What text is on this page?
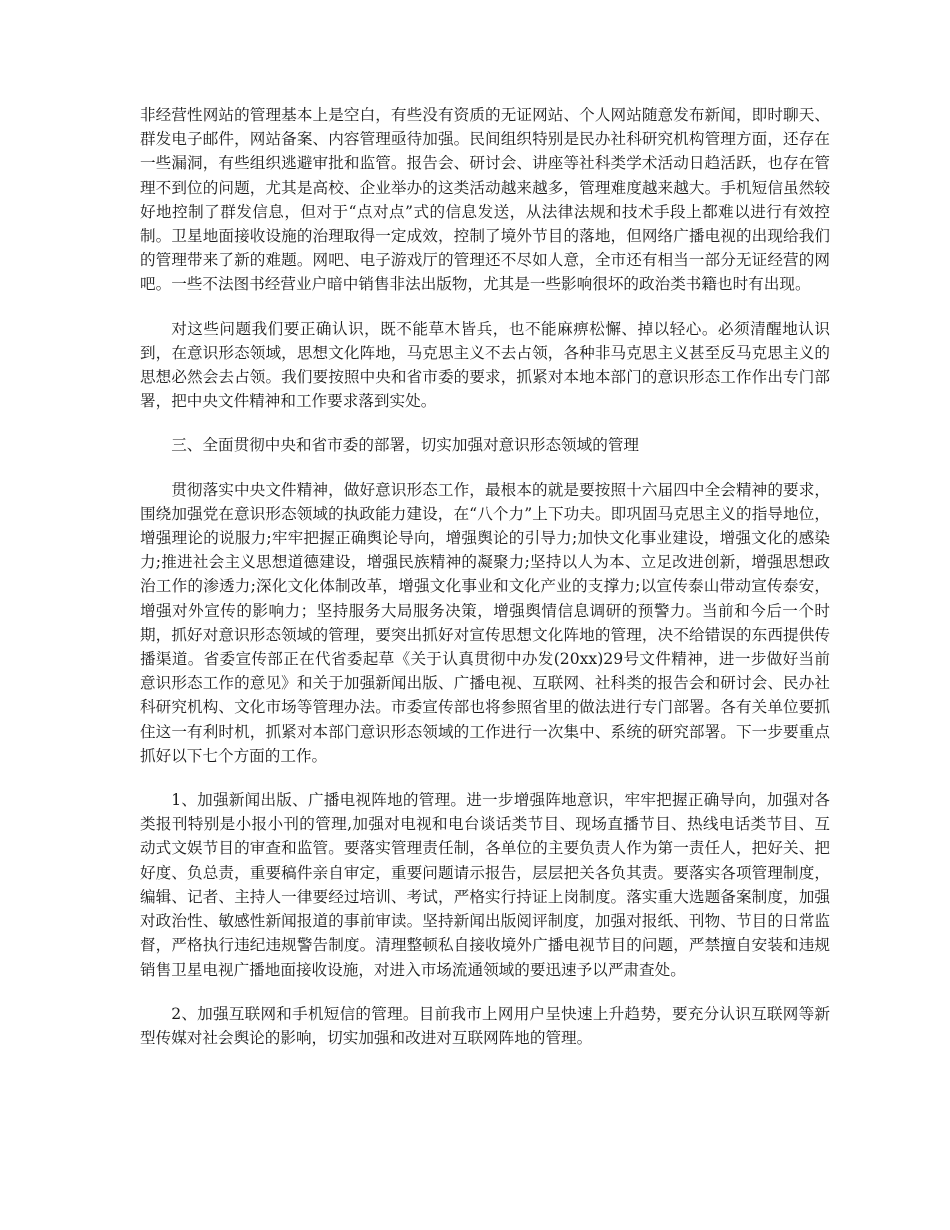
非经营性网站的管理基本上是空白，有些没有资质的无证网站、个人网站随意发布新闻，即时聊天、群发电子邮件，网站备案、内容管理亟待加强。民间组织特别是民办社科研究机构管理方面，还存在一些漏洞，有些组织逃避审批和监管。报告会、研讨会、讲座等社科类学术活动日趋活跃，也存在管理不到位的问题，尤其是高校、企业举办的这类活动越来越多，管理难度越来越大。手机短信虽然较好地控制了群发信息，但对于“点对点”式的信息发送，从法律法规和技术手段上都难以进行有效控制。卫星地面接收设施的治理取得一定成效，控制了境外节目的落地，但网络广播电视的出现给我们的管理带来了新的难题。网吧、电子游戏厅的管理还不尽如人意，全市还有相当一部分无证经营的网吧。一些不法图书经营业户暗中销售非法出版物，尤其是一些影响很坏的政治类书籍也时有出现。

对这些问题我们要正确认识，既不能草木皆兵，也不能麻痹松懈、掉以轻心。必须清醒地认识到，在意识形态领域，思想文化阵地，马克思主义不去占领，各种非马克思主义甚至反马克思主义的思想必然会去占领。我们要按照中央和省市委的要求，抓紧对本地本部门的意识形态工作作出专门部署，把中央文件精神和工作要求落到实处。

三、全面贯彻中央和省市委的部署，切实加强对意识形态领域的管理

贯彻落实中央文件精神，做好意识形态工作，最根本的就是要按照十六届四中全会精神的要求，围绕加强党在意识形态领域的执政能力建设，在“八个力”上下功夫。即巩固马克思主义的指导地位，增强理论的说服力;牢牢把握正确舆论导向，增强舆论的引导力;加快文化事业建设，增强文化的感染力;推进社会主义思想道德建设，增强民族精神的凝聚力;坚持以人为本、立足改进创新，增强思想政治工作的渗透力;深化文化体制改革，增强文化事业和文化产业的支撑力;以宣传泰山带动宣传泰安，增强对外宣传的影响力；坚持服务大局服务决策，增强舆情信息调研的预警力。当前和今后一个时期，抓好对意识形态领域的管理，要突出抓好对宣传思想文化阵地的管理，决不给错误的东西提供传播渠道。省委宣传部正在代省委起草《关于认真贯彻中办发(20xx)29号文件精神，进一步做好当前意识形态工作的意见》和关于加强新闻出版、广播电视、互联网、社科类的报告会和研讨会、民办社科研究机构、文化市场等管理办法。市委宣传部也将参照省里的做法进行专门部署。各有关单位要抓住这一有利时机，抓紧对本部门意识形态领域的工作进行一次集中、系统的研究部署。下一步要重点抓好以下七个方面的工作。

1、加强新闻出版、广播电视阵地的管理。进一步增强阵地意识，牢牢把握正确导向，加强对各类报刊特别是小报小刊的管理,加强对电视和电台谈话类节目、现场直播节目、热线电话类节目、互动式文娱节目的审查和监管。要落实管理责任制，各单位的主要负责人作为第一责任人，把好关、把好度、负总责，重要稿件亲自审定，重要问题请示报告，层层把关各负其责。要落实各项管理制度，编辑、记者、主持人一律要经过培训、考试，严格实行持证上岗制度。落实重大选题备案制度，加强对政治性、敏感性新闻报道的事前审读。坚持新闻出版阅评制度，加强对报纸、刊物、节目的日常监督，严格执行违纪违规警告制度。清理整顿私自接收境外广播电视节目的问题，严禁擅自安装和违规销售卫星电视广播地面接收设施，对进入市场流通领域的要迅速予以严肃查处。

2、加强互联网和手机短信的管理。目前我市上网用户呈快速上升趋势，要充分认识互联网等新型传媒对社会舆论的影响，切实加强和改进对互联网阵地的管理。
